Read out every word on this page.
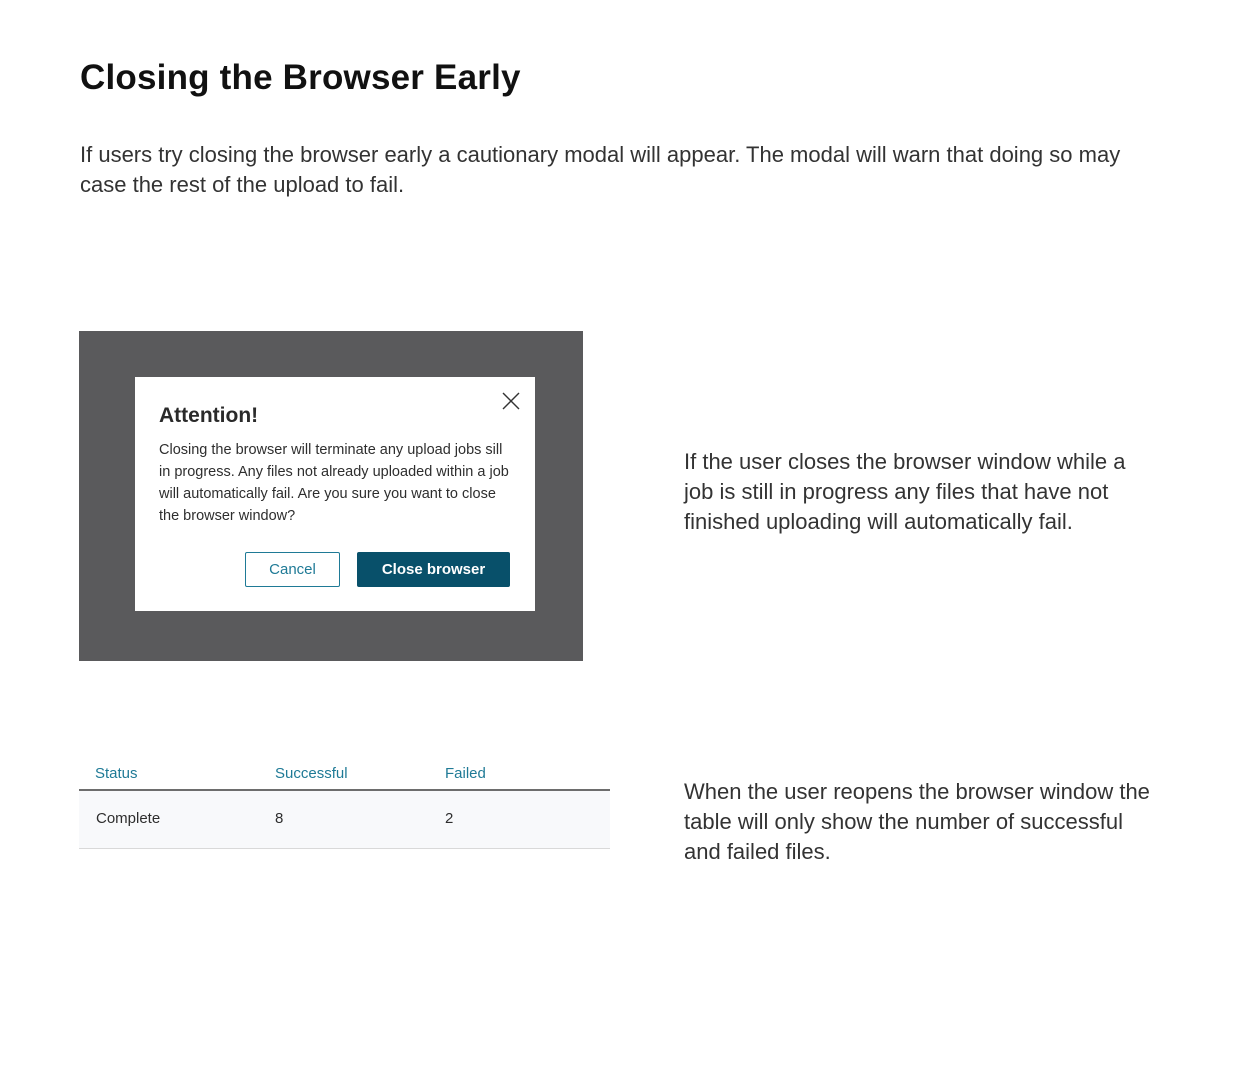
Closing the Browser Early

If users try closing the browser early a cautionary modal will appear. The modal will warn that doing so may case the rest of the upload to fail.

Attention!

Closing the browser will terminate any upload jobs sill in progress. Any files not already uploaded within a job will automatically fail. Are you sure you want to close the browser window?

Cancel	Close browser

If the user closes the browser window while a job is still in progress any files that have not finished uploading will automatically fail.

Status	Successful	Failed
Complete	8	2

When the user reopens the browser window the table will only show the number of successful and failed files.
